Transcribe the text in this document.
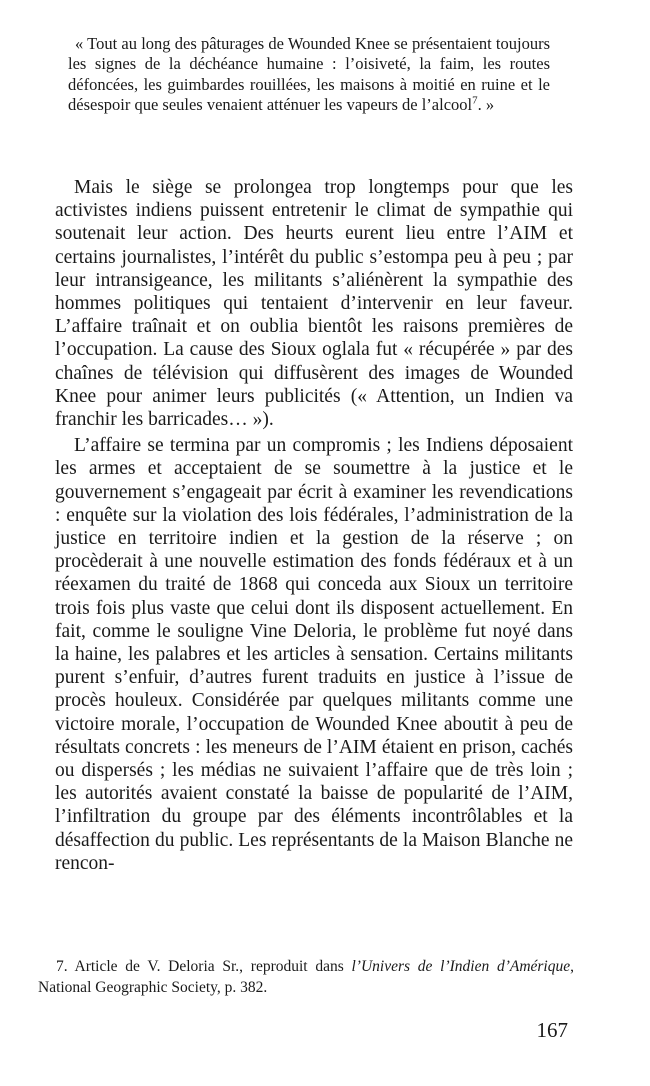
« Tout au long des pâturages de Wounded Knee se présentaient toujours les signes de la déchéance humaine : l’oisiveté, la faim, les routes défoncées, les guimbardes rouillées, les maisons à moitié en ruine et le désespoir que seules venaient atténuer les vapeurs de l’alcool$^7$. »

Mais le siège se prolongea trop longtemps pour que les activistes indiens puissent entretenir le climat de sympathie qui soutenait leur action. Des heurts eurent lieu entre l’AIM et certains journalistes, l’intérêt du public s’estompa peu à peu ; par leur intransigeance, les militants s’aliénèrent la sympathie des hommes politiques qui tentaient d’intervenir en leur faveur. L’affaire traînait et on oublia bientôt les raisons premières de l’occupation. La cause des Sioux oglala fut « récupérée » par des chaînes de télévision qui diffusèrent des images de Wounded Knee pour animer leurs publicités (« Attention, un Indien va franchir les barricades… »).

L’affaire se termina par un compromis ; les Indiens déposaient les armes et acceptaient de se soumettre à la justice et le gouvernement s’engageait par écrit à examiner les revendications : enquête sur la violation des lois fédérales, l’administration de la justice en territoire indien et la gestion de la réserve ; on procèderait à une nouvelle estimation des fonds fédéraux et à un réexamen du traité de 1868 qui conceda aux Sioux un territoire trois fois plus vaste que celui dont ils disposent actuellement. En fait, comme le souligne Vine Deloria, le problème fut noyé dans la haine, les palabres et les articles à sensation. Certains militants purent s’enfuir, d’autres furent traduits en justice à l’issue de procès houleux. Considérée par quelques militants comme une victoire morale, l’occupation de Wounded Knee aboutit à peu de résultats concrets : les meneurs de l’AIM étaient en prison, cachés ou dispersés ; les médias ne suivaient l’affaire que de très loin ; les autorités avaient constaté la baisse de popularité de l’AIM, l’infiltration du groupe par des éléments incontrôlables et la désaffection du public. Les représentants de la Maison Blanche ne rencon-

7. Article de V. Deloria Sr., reproduit dans l’Univers de l’Indien d’Amérique, National Geographic Society, p. 382.

167
